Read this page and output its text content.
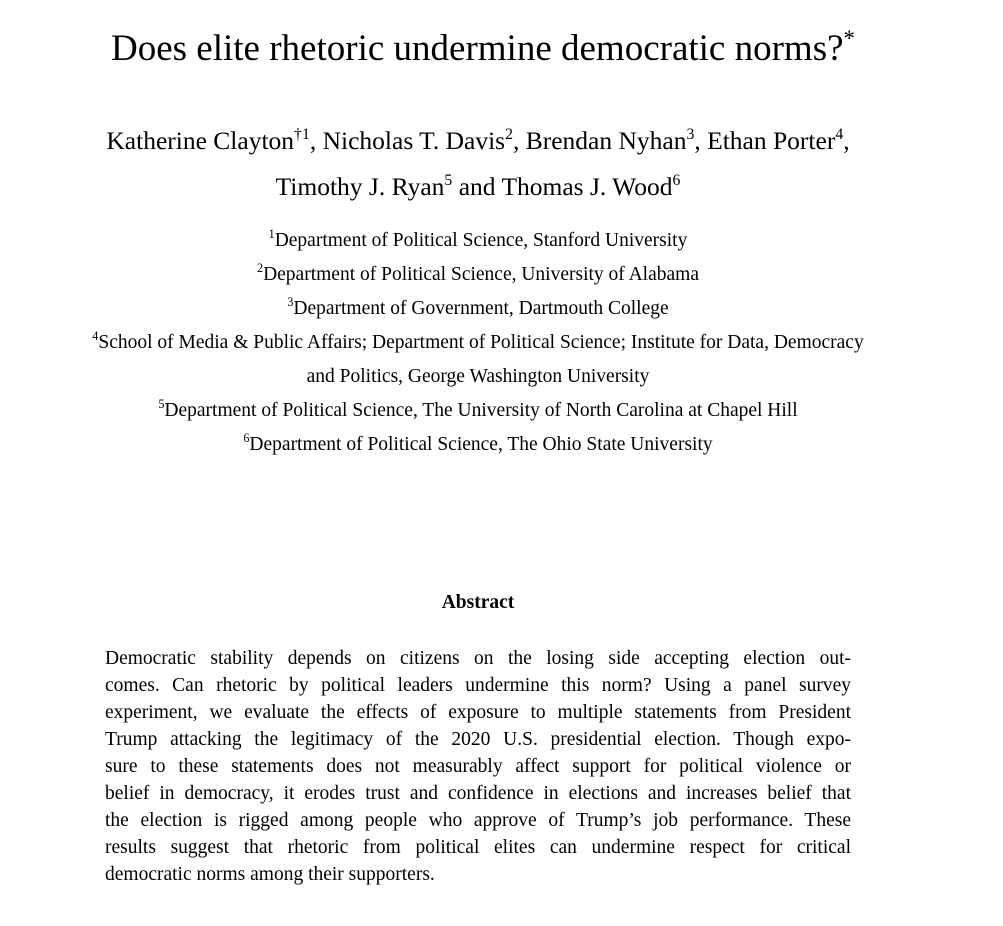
Does elite rhetoric undermine democratic norms?*
Katherine Clayton$^{\dagger 1}$, Nicholas T. Davis$^2$, Brendan Nyhan$^3$, Ethan Porter$^4$,
Timothy J. Ryan$^5$ and Thomas J. Wood$^6$
$^1$Department of Political Science, Stanford University
$^2$Department of Political Science, University of Alabama
$^3$Department of Government, Dartmouth College
$^4$School of Media & Public Affairs; Department of Political Science; Institute for Data, Democracy
and Politics, George Washington University
$^5$Department of Political Science, The University of North Carolina at Chapel Hill
$^6$Department of Political Science, The Ohio State University
Abstract
Democratic stability depends on citizens on the losing side accepting election out-
comes. Can rhetoric by political leaders undermine this norm? Using a panel survey
experiment, we evaluate the effects of exposure to multiple statements from President
Trump attacking the legitimacy of the 2020 U.S. presidential election. Though expo-
sure to these statements does not measurably affect support for political violence or
belief in democracy, it erodes trust and confidence in elections and increases belief that
the election is rigged among people who approve of Trump’s job performance. These
results suggest that rhetoric from political elites can undermine respect for critical
democratic norms among their supporters.
